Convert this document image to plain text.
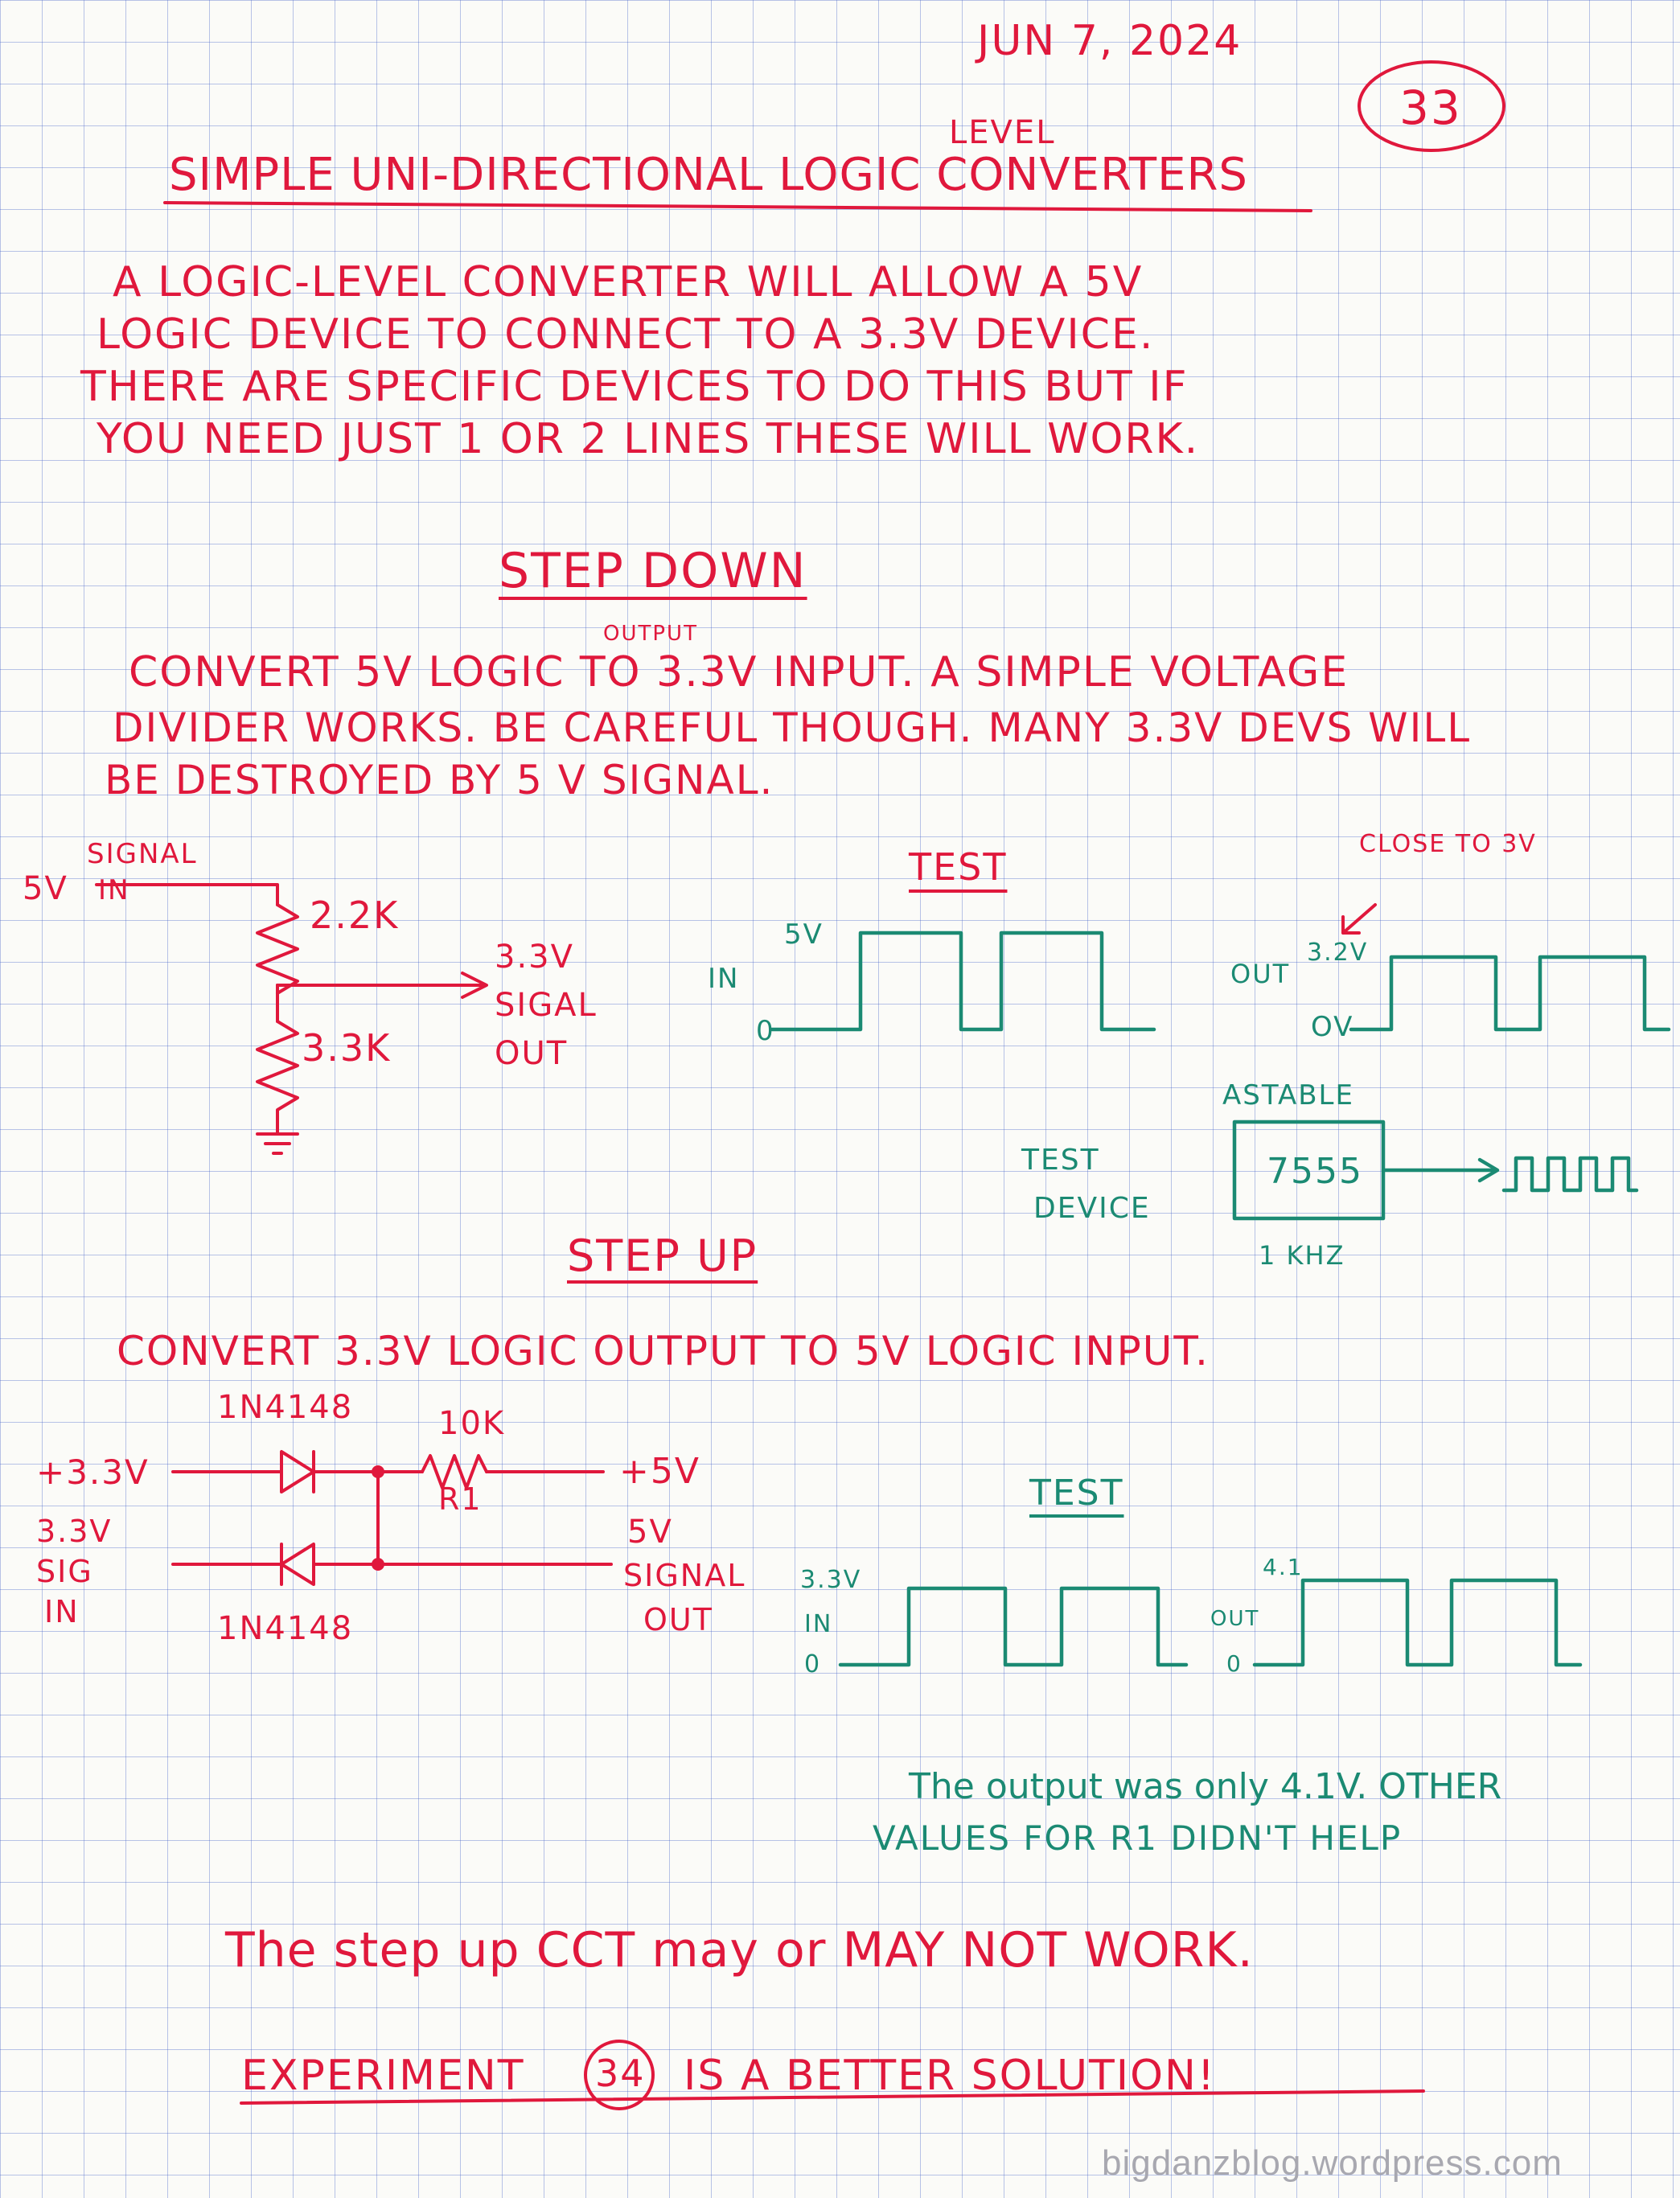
JUN 7, 2024
33
LEVEL
SIMPLE UNI-DIRECTIONAL LOGIC CONVERTERS
A LOGIC-LEVEL CONVERTER WILL ALLOW A 5V
LOGIC DEVICE TO CONNECT TO A 3.3V DEVICE.
THERE ARE SPECIFIC DEVICES TO DO THIS BUT IF
YOU NEED JUST 1 OR 2 LINES THESE WILL WORK.
STEP DOWN
OUTPUT
CONVERT 5V LOGIC TO 3.3V INPUT. A SIMPLE VOLTAGE
DIVIDER WORKS. BE CAREFUL THOUGH. MANY 3.3V DEVS WILL
BE DESTROYED BY 5 V SIGNAL.
5V
SIGNAL
IN
2.2K
3.3K
3.3V
SIGAL
OUT
TEST
5V
IN
0
CLOSE TO 3V
3.2V
OUT
OV
ASTABLE
7555
1 KHZ
TEST
DEVICE
STEP UP
CONVERT 3.3V LOGIC OUTPUT TO 5V LOGIC INPUT.
1N4148
1N4148
+3.3V
3.3V
SIG
IN
10K
R1
+5V
5V
SIGNAL
OUT
TEST
3.3V
IN
0
4.1
OUT
0
The output was only 4.1V. OTHER
VALUES FOR R1 DIDN'T HELP
The step up CCT may or MAY NOT WORK.
EXPERIMENT 34 IS A BETTER SOLUTION!
bigdanzblog.wordpress.com
